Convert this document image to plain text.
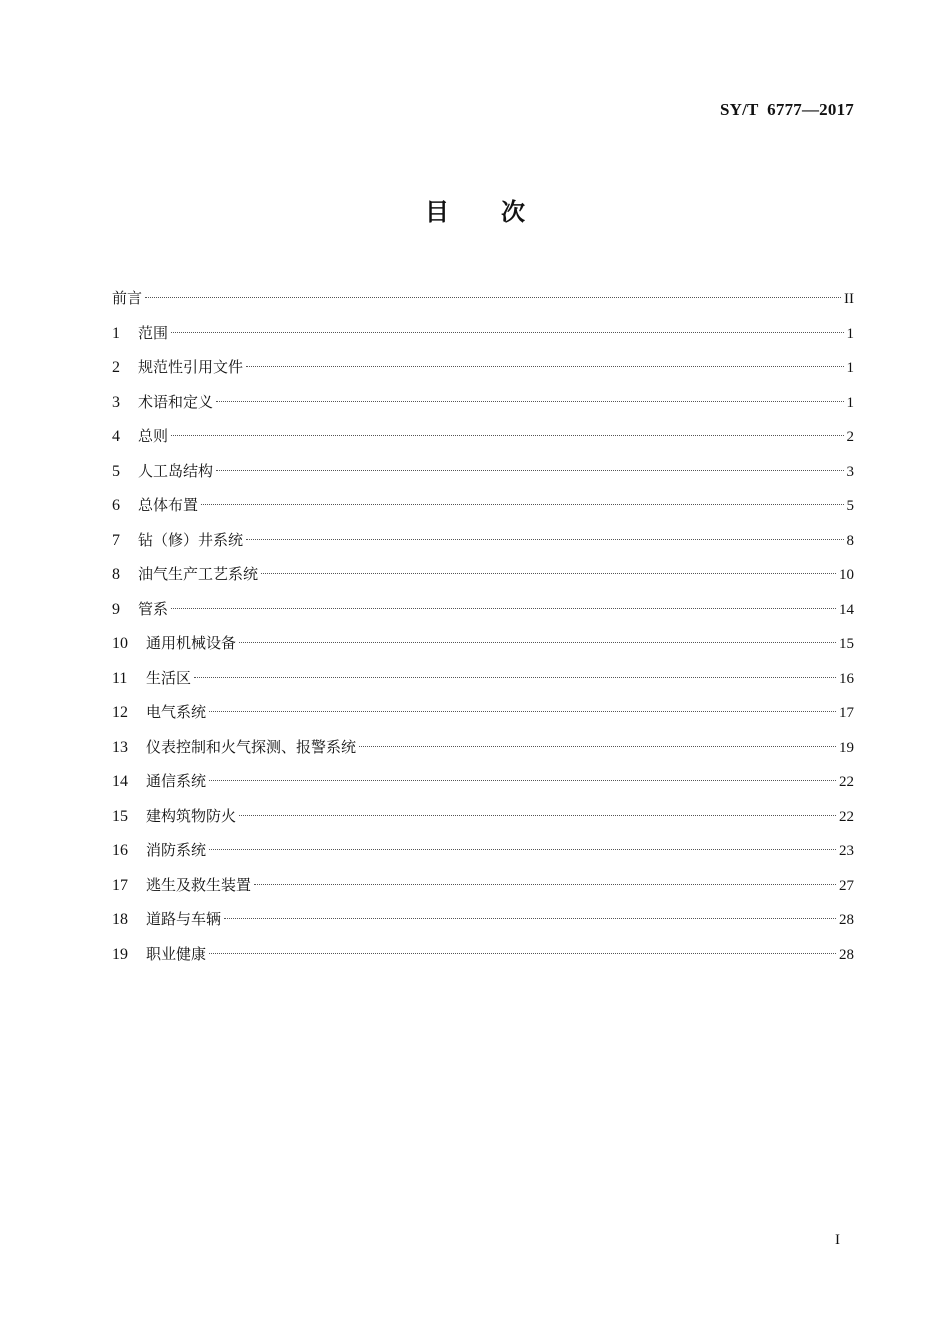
SY/T  6777—2017
目 次
前言	II
1	范围	1
2	规范性引用文件	1
3	术语和定义	1
4	总则	2
5	人工岛结构	3
6	总体布置	5
7	钻（修）井系统	8
8	油气生产工艺系统	10
9	管系	14
10	通用机械设备	15
11	生活区	16
12	电气系统	17
13	仪表控制和火气探测、报警系统	19
14	通信系统	22
15	建构筑物防火	22
16	消防系统	23
17	逃生及救生装置	27
18	道路与车辆	28
19	职业健康	28
I
